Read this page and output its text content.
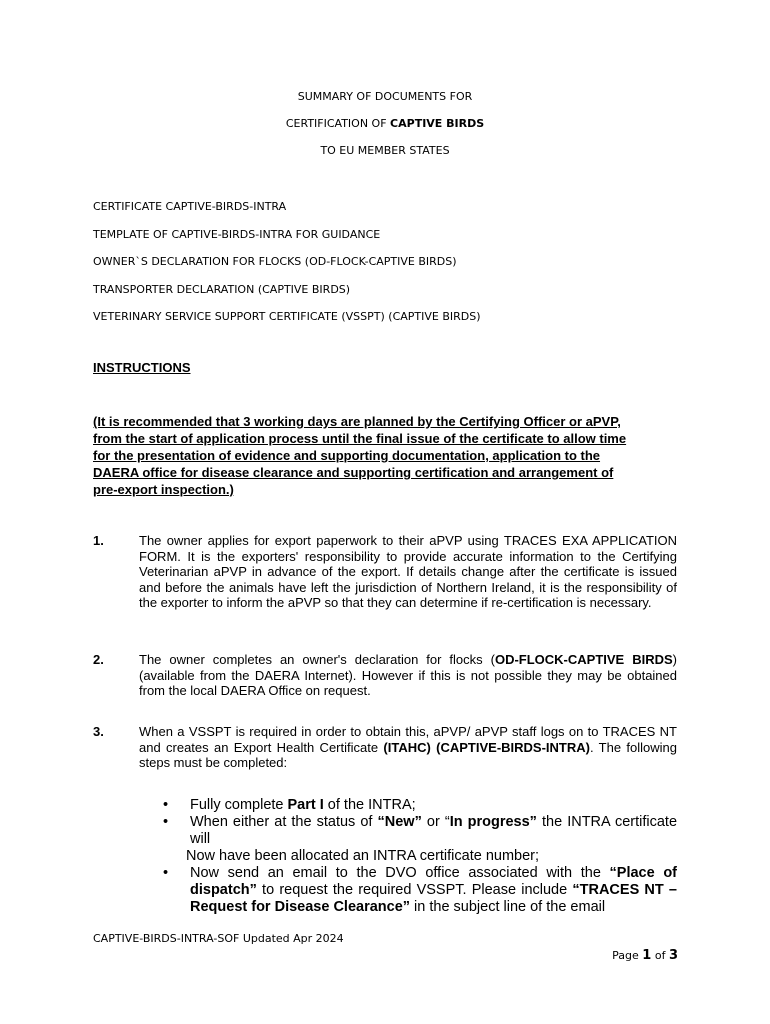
SUMMARY OF DOCUMENTS FOR
CERTIFICATION OF CAPTIVE BIRDS
TO EU MEMBER STATES
CERTIFICATE CAPTIVE-BIRDS-INTRA
TEMPLATE OF CAPTIVE-BIRDS-INTRA FOR GUIDANCE
OWNER`S DECLARATION FOR FLOCKS (OD-FLOCK-CAPTIVE BIRDS)
TRANSPORTER DECLARATION (CAPTIVE BIRDS)
VETERINARY SERVICE SUPPORT CERTIFICATE (VSSPT) (CAPTIVE BIRDS)
INSTRUCTIONS
(It is recommended that 3 working days are planned by the Certifying Officer or aPVP,
from the start of application process until the final issue of the certificate to allow time
for the presentation of evidence and supporting documentation, application to the
DAERA office for disease clearance and supporting certification and arrangement of
pre-export inspection.)
1.	The owner applies for export paperwork to their aPVP using TRACES EXA APPLICATION FORM. It is the exporters' responsibility to provide accurate information to the Certifying Veterinarian aPVP in advance of the export. If details change after the certificate is issued and before the animals have left the jurisdiction of Northern Ireland, it is the responsibility of the exporter to inform the aPVP so that they can determine if re-certification is necessary.
2.	The owner completes an owner's declaration for flocks (OD-FLOCK-CAPTIVE BIRDS) (available from the DAERA Internet). However if this is not possible they may be obtained from the local DAERA Office on request.
3.	When a VSSPT is required in order to obtain this, aPVP/ aPVP staff logs on to TRACES NT and creates an Export Health Certificate (ITAHC) (CAPTIVE-BIRDS-INTRA). The following steps must be completed:
• Fully complete Part I of the INTRA;
• When either at the status of “New” or “In progress” the INTRA certificate will
Now have been allocated an INTRA certificate number;
• Now send an email to the DVO office associated with the “Place of dispatch” to request the required VSSPT. Please include “TRACES NT – Request for Disease Clearance” in the subject line of the email
CAPTIVE-BIRDS-INTRA-SOF Updated Apr 2024
Page 1 of 3
